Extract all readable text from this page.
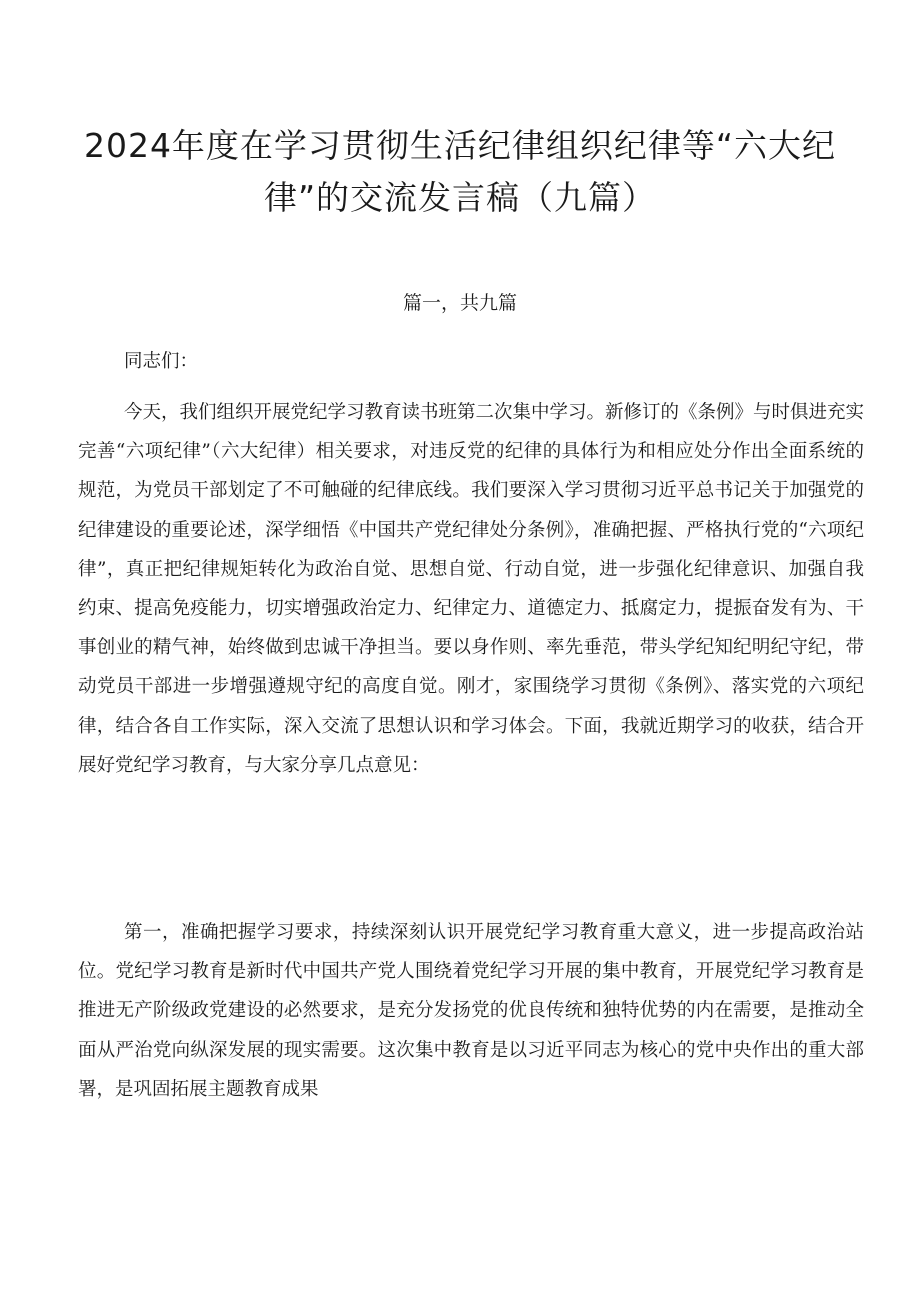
2024年度在学习贯彻生活纪律组织纪律等“六大纪律”的交流发言稿（九篇）
篇一，共九篇

同志们：

今天，我们组织开展党纪学习教育读书班第二次集中学习。新修订的《条例》与时俱进充实完善“六项纪律”（六大纪律）相关要求，对违反党的纪律的具体行为和相应处分作出全面系统的规范，为党员干部划定了不可触碰的纪律底线。我们要深入学习贯彻习近平总书记关于加强党的纪律建设的重要论述，深学细悟《中国共产党纪律处分条例》，准确把握、严格执行党的“六项纪律”，真正把纪律规矩转化为政治自觉、思想自觉、行动自觉，进一步强化纪律意识、加强自我约束、提高免疫能力，切实增强政治定力、纪律定力、道德定力、抵腐定力，提振奋发有为、干事创业的精气神，始终做到忠诚干净担当。要以身作则、率先垂范，带头学纪知纪明纪守纪，带动党员干部进一步增强遵规守纪的高度自觉。刚才，家围绕学习贯彻《条例》、落实党的六项纪律，结合各自工作实际，深入交流了思想认识和学习体会。下面，我就近期学习的收获，结合开展好党纪学习教育，与大家分享几点意见：

第一，准确把握学习要求，持续深刻认识开展党纪学习教育重大意义，进一步提高政治站位。党纪学习教育是新时代中国共产党人围绕着党纪学习开展的集中教育，开展党纪学习教育是推进无产阶级政党建设的必然要求，是充分发扬党的优良传统和独特优势的内在需要，是推动全面从严治党向纵深发展的现实需要。这次集中教育是以习近平同志为核心的党中央作出的重大部署，是巩固拓展主题教育成果
